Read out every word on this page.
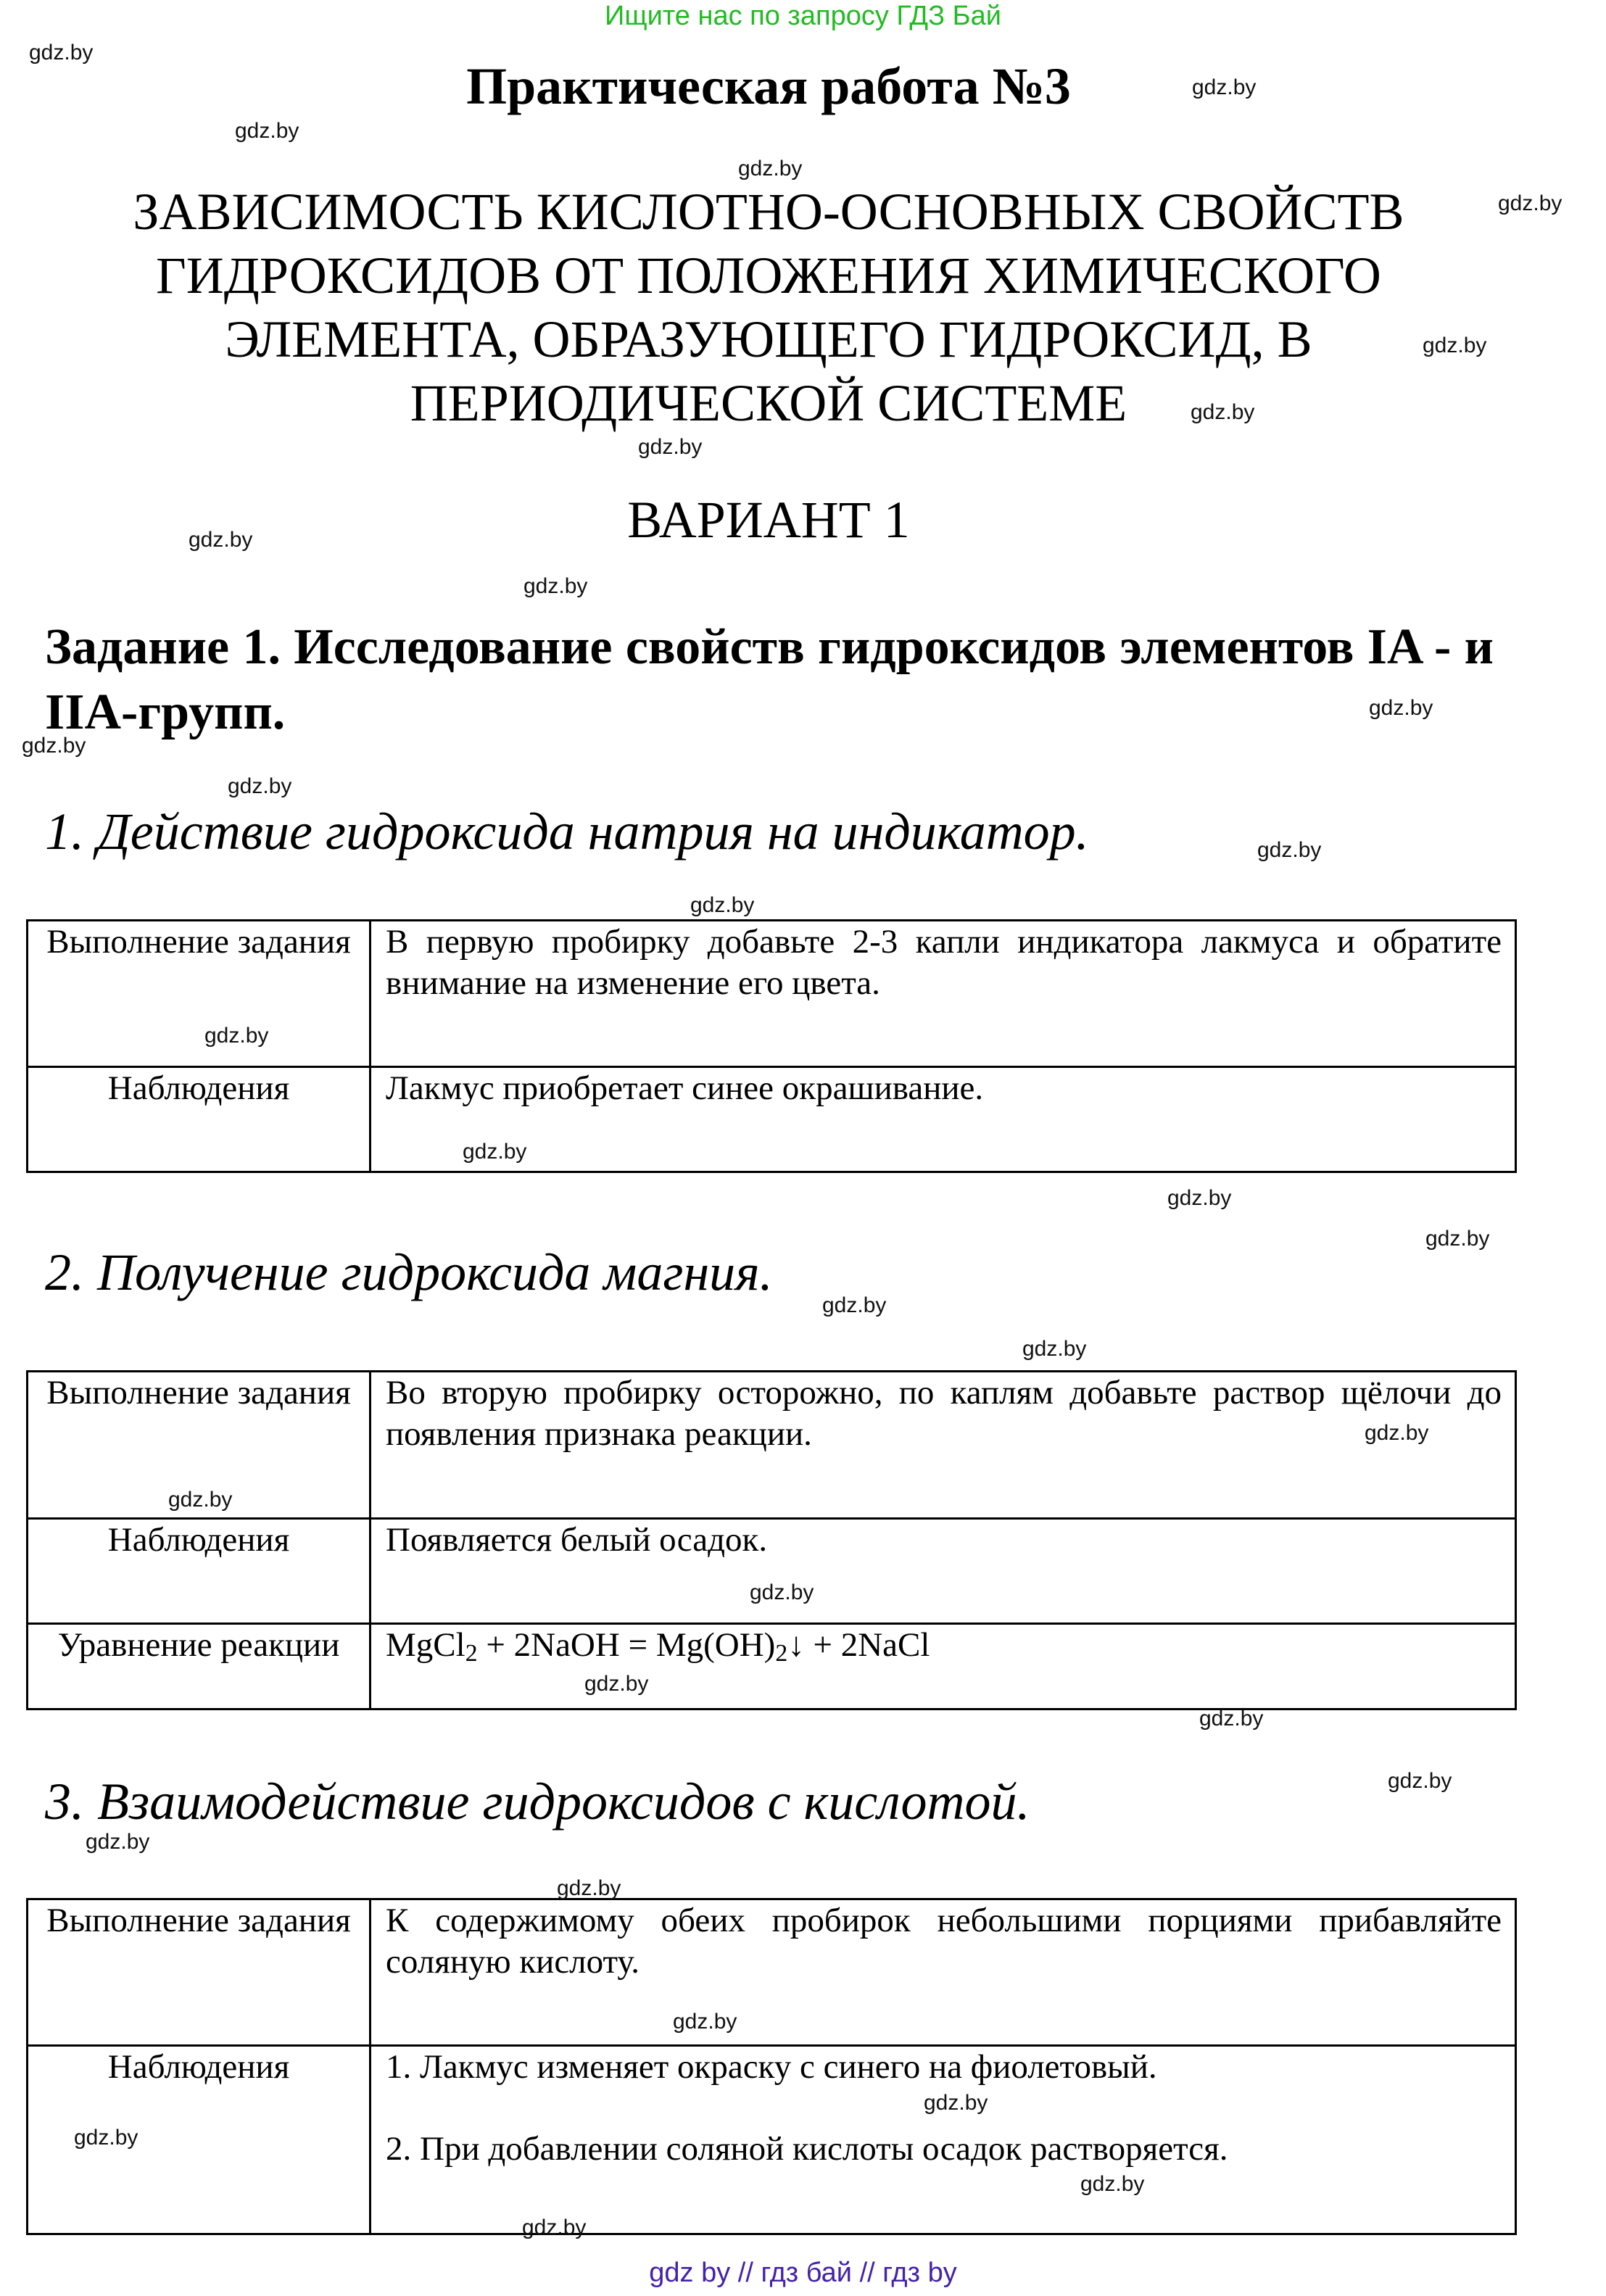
Ищите нас по запросу ГДЗ Бай
Практическая работа №3
ЗАВИСИМОСТЬ КИСЛОТНО-ОСНОВНЫХ СВОЙСТВ ГИДРОКСИДОВ ОТ ПОЛОЖЕНИЯ ХИМИЧЕСКОГО ЭЛЕМЕНТА, ОБРАЗУЮЩЕГО ГИДРОКСИД, В ПЕРИОДИЧЕСКОЙ СИСТЕМЕ
ВАРИАНТ 1
Задание 1. Исследование свойств гидроксидов элементов IA - и IIA-групп.
1. Действие гидроксида натрия на индикатор.
Выполнение задания	В первую пробирку добавьте 2-3 капли индикатора лакмуса и обратите внимание на изменение его цвета.
Наблюдения	Лакмус приобретает синее окрашивание.
2. Получение гидроксида магния.
Выполнение задания	Во вторую пробирку осторожно, по каплям добавьте раствор щёлочи до появления признака реакции.
Наблюдения	Появляется белый осадок.
Уравнение реакции	MgCl$_2$ + 2NaOH = $Mg(OH)_2↓$ + 2NaCl
3. Взаимодействие гидроксидов с кислотой.
Выполнение задания	К содержимому обеих пробирок небольшими порциями прибавляйте соляную кислоту.
Наблюдения	1. Лакмус изменяет окраску с синего на фиолетовый.

2. При добавлении соляной кислоты осадок растворяется.

gdz.by
gdz.by
gdz.by
gdz.by
gdz.by
gdz.by
gdz.by
gdz.by
gdz.by
gdz.by
gdz.by
gdz.by
gdz.by
gdz.by
gdz.by
gdz.by
gdz.by
gdz.by
gdz.by
gdz.by
gdz.by
gdz.by
gdz.by
gdz.by
gdz.by
gdz.by
gdz.by
gdz.by
gdz.by
gdz.by
gdz.by
gdz.by
gdz.by
gdz.by
gdz by // гдз бай // гдз by
